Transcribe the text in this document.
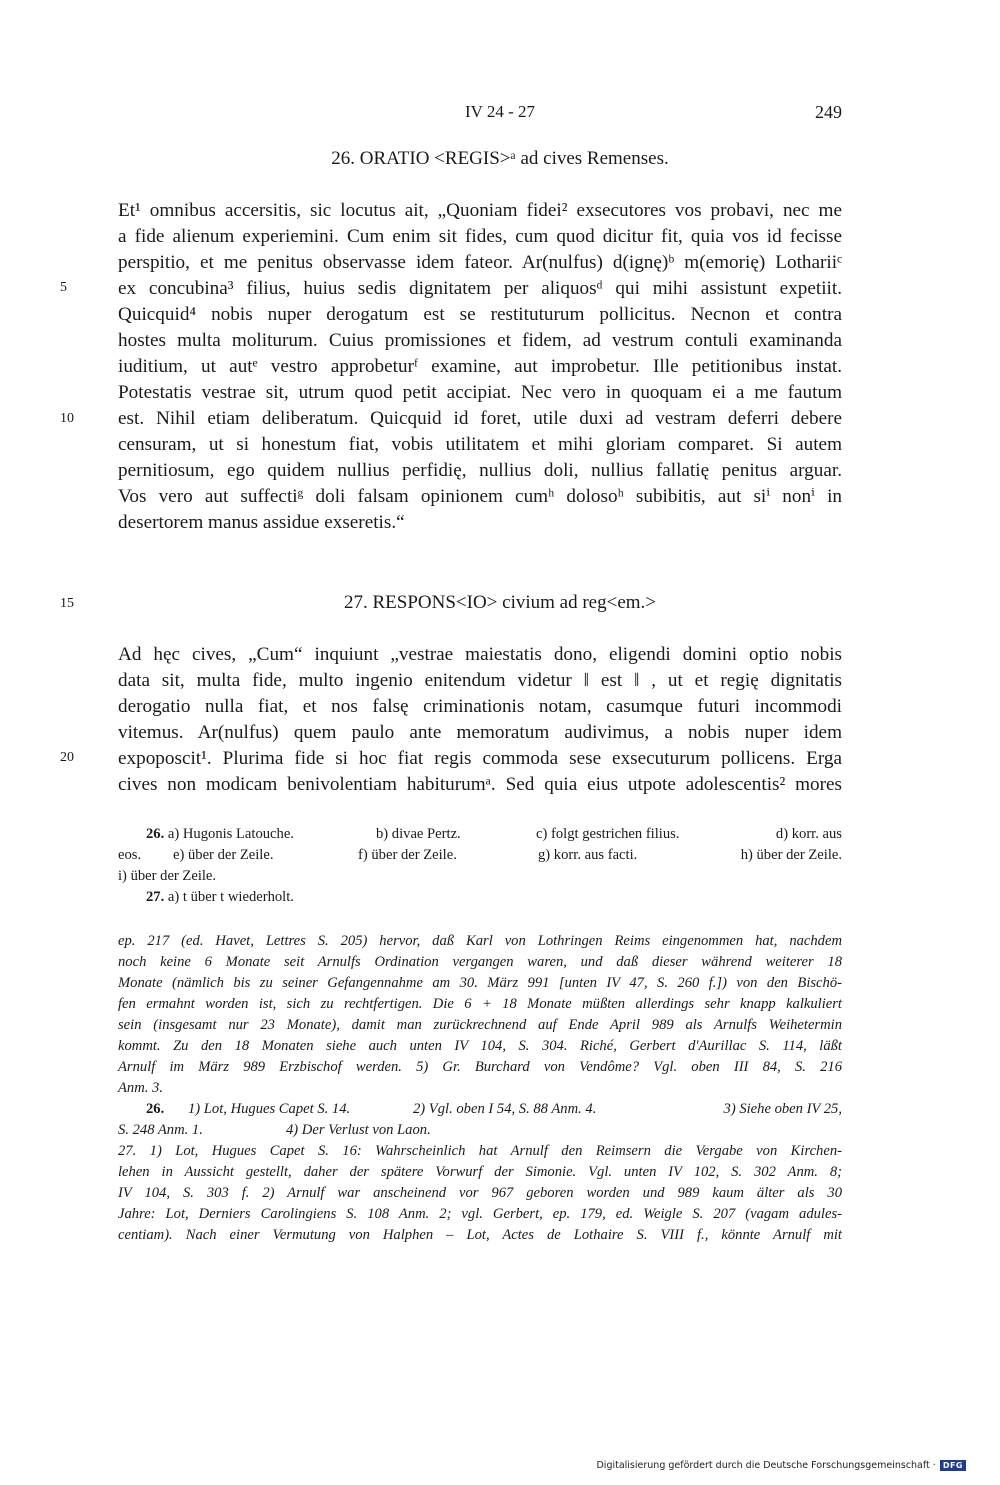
IV 24 - 27	249
26. ORATIO <REGIS>ᵃ ad cives Remenses.
Et¹ omnibus accersitis, sic locutus ait, „Quoniam fidei² exsecutores vos probavi, nec me
a fide alienum experiemini. Cum enim sit fides, cum quod dicitur fit, quia vos id fecisse
perspitio, et me penitus observasse idem fateor. Ar(nulfus) d(ignę)ᵇ m(emorię) Lothariiᶜ
ex concubina³ filius, huius sedis dignitatem per aliquosᵈ qui mihi assistunt expetiit.
Quicquid⁴ nobis nuper derogatum est se restituturum pollicitus. Necnon et contra
hostes multa moliturum. Cuius promissiones et fidem, ad vestrum contuli examinanda
iuditium, ut autᵉ vestro approbeturᶠ examine, aut improbetur. Ille petitionibus instat.
Potestatis vestrae sit, utrum quod petit accipiat. Nec vero in quoquam ei a me fautum
est. Nihil etiam deliberatum. Quicquid id foret, utile duxi ad vestram deferri debere
censuram, ut si honestum fiat, vobis utilitatem et mihi gloriam comparet. Si autem
pernitiosum, ego quidem nullius perfidię, nullius doli, nullius fallatię penitus arguar.
Vos vero aut suffectiᵍ doli falsam opinionem cumʰ dolosoʰ subibitis, aut siⁱ nonⁱ in
desertorem manus assidue exseretis.“
27. RESPONS<IO> civium ad reg<em.>
Ad hęc cives, „Cum“ inquiunt „vestrae maiestatis dono, eligendi domini optio nobis
data sit, multa fide, multo ingenio enitendum videtur ‖ est ‖ , ut et regię dignitatis
derogatio nulla fiat, et nos falsę criminationis notam, casumque futuri incommodi
vitemus. Ar(nulfus) quem paulo ante memoratum audivimus, a nobis nuper idem
expoposcit¹. Plurima fide si hoc fiat regis commoda sese exsecuturum pollicens. Erga
cives non modicam benivolentiam habiturumᵃ. Sed quia eius utpote adolescentis² mores
5
10
15
20
26. a) Hugonis Latouche.	b) divae Pertz.	c) folgt gestrichen filius.	d) korr. aus
eos. e) über der Zeile.	f) über der Zeile.	g) korr. aus facti.	h) über der Zeile.
i) über der Zeile.
27. a) t über t wiederholt.
ep. 217 (ed. Havet, Lettres S. 205) hervor, daß Karl von Lothringen Reims eingenommen hat, nachdem
noch keine 6 Monate seit Arnulfs Ordination vergangen waren, und daß dieser während weiterer 18
Monate (nämlich bis zu seiner Gefangennahme am 30. März 991 [unten IV 47, S. 260 f.]) von den Bischö-
fen ermahnt worden ist, sich zu rechtfertigen. Die 6 + 18 Monate müßten allerdings sehr knapp kalkuliert
sein (insgesamt nur 23 Monate), damit man zurückrechnend auf Ende April 989 als Arnulfs Weihetermin
kommt. Zu den 18 Monaten siehe auch unten IV 104, S. 304. Riché, Gerbert d'Aurillac S. 114, läßt
Arnulf im März 989 Erzbischof werden. 5) Gr. Burchard von Vendôme? Vgl. oben III 84, S. 216
Anm. 3.
26. 1) Lot, Hugues Capet S. 14.	2) Vgl. oben I 54, S. 88 Anm. 4.	3) Siehe oben IV 25,
S. 248 Anm. 1.	4) Der Verlust von Laon.
27. 1) Lot, Hugues Capet S. 16: Wahrscheinlich hat Arnulf den Reimsern die Vergabe von Kirchen-
lehen in Aussicht gestellt, daher der spätere Vorwurf der Simonie. Vgl. unten IV 102, S. 302 Anm. 8;
IV 104, S. 303 f. 2) Arnulf war anscheinend vor 967 geboren worden und 989 kaum älter als 30
Jahre: Lot, Derniers Carolingiens S. 108 Anm. 2; vgl. Gerbert, ep. 179, ed. Weigle S. 207 (vagam adules-
centiam). Nach einer Vermutung von Halphen – Lot, Actes de Lothaire S. VIII f., könnte Arnulf mit
Digitalisierung gefördert durch die Deutsche Forschungsgemeinschaft · DFG
